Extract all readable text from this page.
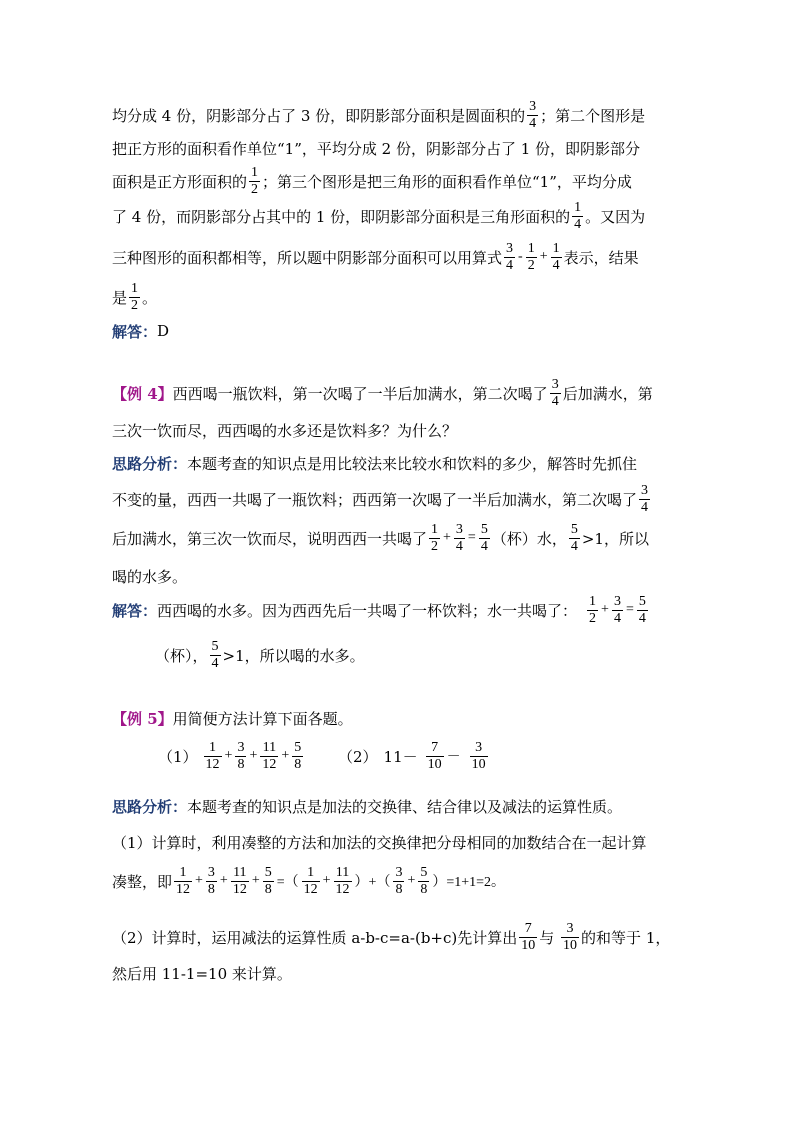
均分成 4 份，阴影部分占了 3 份，即阴影部分面积是圆面积的 $\frac{3}{4}$ ；第二个图形是
把正方形的面积看作单位“1”，平均分成 2 份，阴影部分占了 1 份，即阴影部分
面积是正方形面积的 $\frac{1}{2}$ ；第三个图形是把三角形的面积看作单位“1”，平均分成
了 4 份，而阴影部分占其中的 1 份，即阴影部分面积是三角形面积的 $\frac{1}{4}$ 。又因为
三种图形的面积都相等，所以题中阴影部分面积可以用算式 $\frac{3}{4} - \frac{1}{2} + \frac{1}{4}$ 表示，结果
是 $\frac{1}{2}$ 。
解答： D
【例 4】 西西喝一瓶饮料，第一次喝了一半后加满水，第二次喝了 $\frac{3}{4}$ 后加满水，第
三次一饮而尽，西西喝的水多还是饮料多？为什么？
思路分析： 本题考查的知识点是用比较法来比较水和饮料的多少，解答时先抓住
不变的量，西西一共喝了一瓶饮料；西西第一次喝了一半后加满水，第二次喝了 $\frac{3}{4}$
后加满水，第三次一饮而尽，说明西西一共喝了 $\frac{1}{2} + \frac{3}{4} = \frac{5}{4}$ （杯）水， $\frac{5}{4} >1$，所以
喝的水多。
解答： 西西喝的水多。因为西西先后一共喝了一杯饮料；水一共喝了： $\frac{1}{2} + \frac{3}{4} = \frac{5}{4}$
（杯）， $\frac{5}{4} >1$，所以喝的水多。
【例 5】 用简便方法计算下面各题。
$(1) \frac{1}{12} + \frac{3}{8} + \frac{11}{12} + \frac{5}{8} (2)$ $11- \frac{7}{10} - \frac{3}{10}$
思路分析： 本题考查的知识点是加法的交换律、结合律以及减法的运算性质。
（1）计算时，利用凑整的方法和加法的交换律把分母相同的加数结合在一起计算
凑整，即 $\frac{1}{12} + \frac{3}{8} + \frac{11}{12} + \frac{5}{8}$ =（ $\frac{1}{12} + \frac{11}{12}$ ）+（ $\frac{3}{8} + \frac{5}{8} )=1+1=2$。
（2）计算时，运用减法的运算性质 a-b-c=a-(b+c)先计算出 $\frac{7}{10}$ 与 $\frac{3}{10}$ 的和等于 1，
然后用 11-1=10 来计算。
